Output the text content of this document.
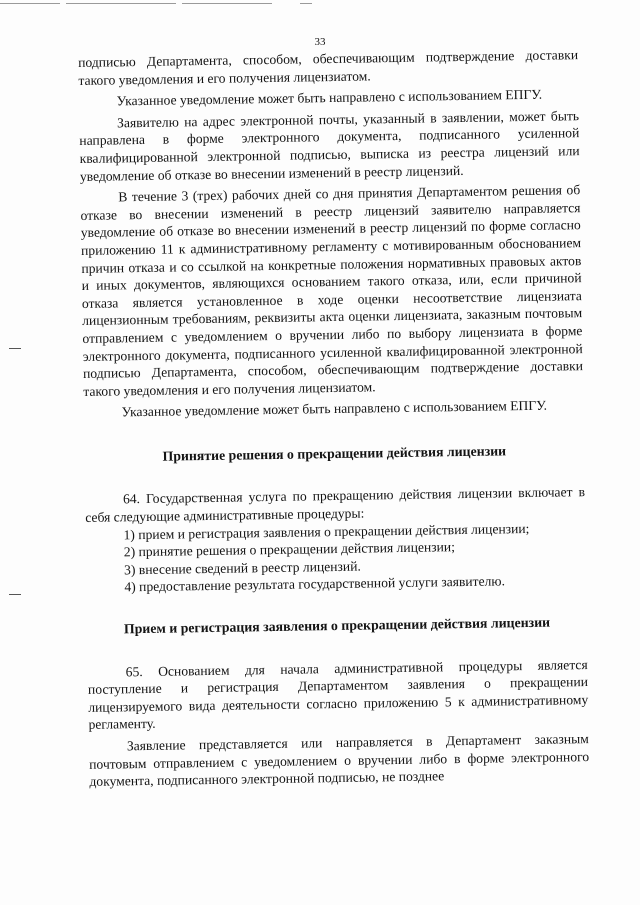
33

подписью Департамента, способом, обеспечивающим подтверждение доставки такого уведомления и его получения лицензиатом.

Указанное уведомление может быть направлено с использованием ЕПГУ.

Заявителю на адрес электронной почты, указанный в заявлении, может быть направлена в форме электронного документа, подписанного усиленной квалифицированной электронной подписью, выписка из реестра лицензий или уведомление об отказе во внесении изменений в реестр лицензий.

В течение 3 (трех) рабочих дней со дня принятия Департаментом решения об отказе во внесении изменений в реестр лицензий заявителю направляется уведомление об отказе во внесении изменений в реестр лицензий по форме согласно приложению 11 к административному регламенту с мотивированным обоснованием причин отказа и со ссылкой на конкретные положения нормативных правовых актов и иных документов, являющихся основанием такого отказа, или, если причиной отказа является установленное в ходе оценки несоответствие лицензиата лицензионным требованиям, реквизиты акта оценки лицензиата, заказным почтовым отправлением с уведомлением о вручении либо по выбору лицензиата в форме электронного документа, подписанного усиленной квалифицированной электронной подписью Департамента, способом, обеспечивающим подтверждение доставки такого уведомления и его получения лицензиатом.

Указанное уведомление может быть направлено с использованием ЕПГУ.

Принятие решения о прекращении действия лицензии

64. Государственная услуга по прекращению действия лицензии включает в себя следующие административные процедуры:

1) прием и регистрация заявления о прекращении действия лицензии;
2) принятие решения о прекращении действия лицензии;
3) внесение сведений в реестр лицензий.
4) предоставление результата государственной услуги заявителю.

Прием и регистрация заявления о прекращении действия лицензии

65. Основанием для начала административной процедуры является поступление и регистрация Департаментом заявления о прекращении лицензируемого вида деятельности согласно приложению 5 к административному регламенту.

Заявление представляется или направляется в Департамент заказным почтовым отправлением с уведомлением о вручении либо в форме электронного документа, подписанного электронной подписью, не позднее
